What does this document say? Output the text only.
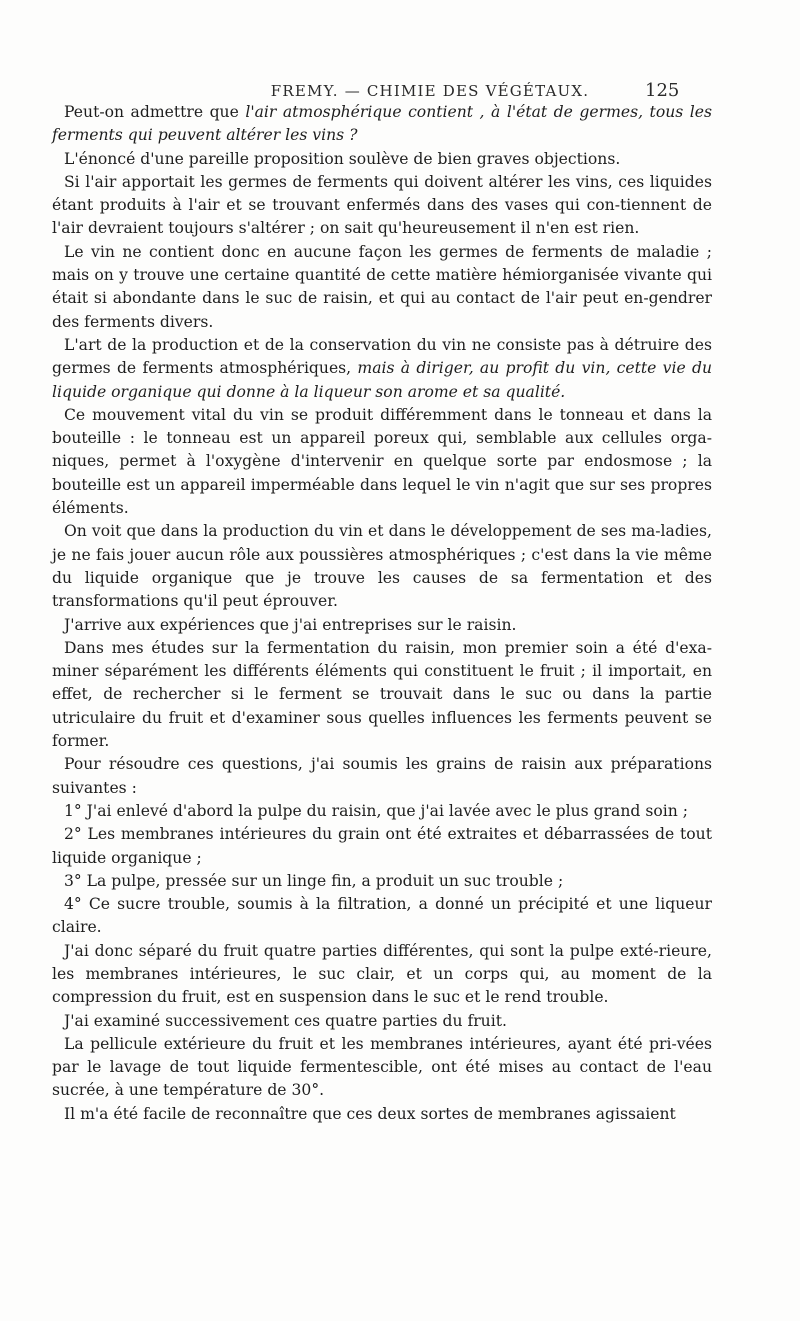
FREMY. — CHIMIE DES VÉGÉTAUX.	125

Peut-on admettre que l'air atmosphérique contient , à l'état de germes, tous les ferments qui peuvent altérer les vins ?

L'énoncé d'une pareille proposition soulève de bien graves objections.

Si l'air apportait les germes de ferments qui doivent altérer les vins, ces liquides étant produits à l'air et se trouvant enfermés dans des vases qui con-tiennent de l'air devraient toujours s'altérer ; on sait qu'heureusement il n'en est rien.

Le vin ne contient donc en aucune façon les germes de ferments de maladie ; mais on y trouve une certaine quantité de cette matière hémiorganisée vivante qui était si abondante dans le suc de raisin, et qui au contact de l'air peut en-gendrer des ferments divers.

L'art de la production et de la conservation du vin ne consiste pas à détruire des germes de ferments atmosphériques, mais à diriger, au profit du vin, cette vie du liquide organique qui donne à la liqueur son arome et sa qualité.

Ce mouvement vital du vin se produit différemment dans le tonneau et dans la bouteille : le tonneau est un appareil poreux qui, semblable aux cellules orga-niques, permet à l'oxygène d'intervenir en quelque sorte par endosmose ; la bouteille est un appareil imperméable dans lequel le vin n'agit que sur ses propres éléments.

On voit que dans la production du vin et dans le développement de ses ma-ladies, je ne fais jouer aucun rôle aux poussières atmosphériques ; c'est dans la vie même du liquide organique que je trouve les causes de sa fermentation et des transformations qu'il peut éprouver.

J'arrive aux expériences que j'ai entreprises sur le raisin.

Dans mes études sur la fermentation du raisin, mon premier soin a été d'exa-miner séparément les différents éléments qui constituent le fruit ; il importait, en effet, de rechercher si le ferment se trouvait dans le suc ou dans la partie utriculaire du fruit et d'examiner sous quelles influences les ferments peuvent se former.

Pour résoudre ces questions, j'ai soumis les grains de raisin aux préparations suivantes :

1° J'ai enlevé d'abord la pulpe du raisin, que j'ai lavée avec le plus grand soin ;

2° Les membranes intérieures du grain ont été extraites et débarrassées de tout liquide organique ;

3° La pulpe, pressée sur un linge fin, a produit un suc trouble ;

4° Ce sucre trouble, soumis à la filtration, a donné un précipité et une liqueur claire.

J'ai donc séparé du fruit quatre parties différentes, qui sont la pulpe exté-rieure, les membranes intérieures, le suc clair, et un corps qui, au moment de la compression du fruit, est en suspension dans le suc et le rend trouble.

J'ai examiné successivement ces quatre parties du fruit.

La pellicule extérieure du fruit et les membranes intérieures, ayant été pri-vées par le lavage de tout liquide fermentescible, ont été mises au contact de l'eau sucrée, à une température de 30°.

Il m'a été facile de reconnaître que ces deux sortes de membranes agissaient
